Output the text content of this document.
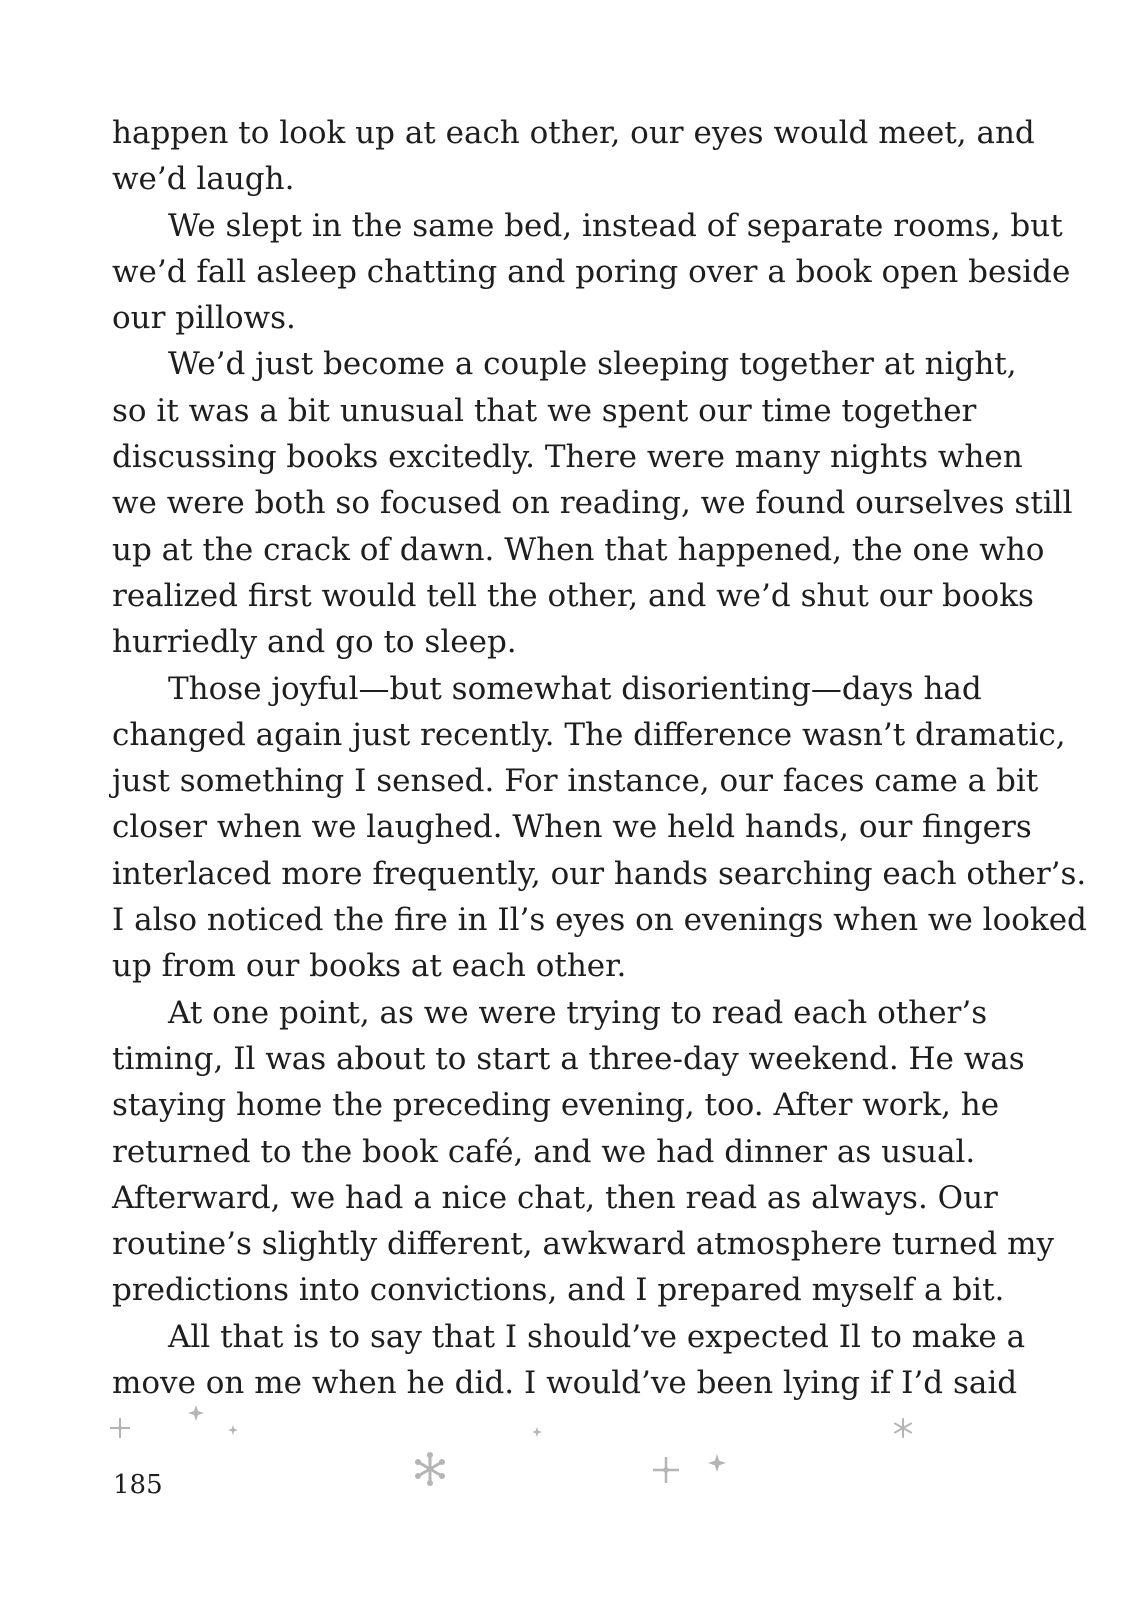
happen to look up at each other, our eyes would meet, and
we’d laugh.
We slept in the same bed, instead of separate rooms, but
we’d fall asleep chatting and poring over a book open beside
our pillows.
We’d just become a couple sleeping together at night,
so it was a bit unusual that we spent our time together
discussing books excitedly. There were many nights when
we were both so focused on reading, we found ourselves still
up at the crack of dawn. When that happened, the one who
realized first would tell the other, and we’d shut our books
hurriedly and go to sleep.
Those joyful—but somewhat disorienting—days had
changed again just recently. The difference wasn’t dramatic,
just something I sensed. For instance, our faces came a bit
closer when we laughed. When we held hands, our fingers
interlaced more frequently, our hands searching each other’s.
I also noticed the fire in Il’s eyes on evenings when we looked
up from our books at each other.
At one point, as we were trying to read each other’s
timing, Il was about to start a three-day weekend. He was
staying home the preceding evening, too. After work, he
returned to the book café, and we had dinner as usual.
Afterward, we had a nice chat, then read as always. Our
routine’s slightly different, awkward atmosphere turned my
predictions into convictions, and I prepared myself a bit.
All that is to say that I should’ve expected Il to make a
move on me when he did. I would’ve been lying if I’d said
185
